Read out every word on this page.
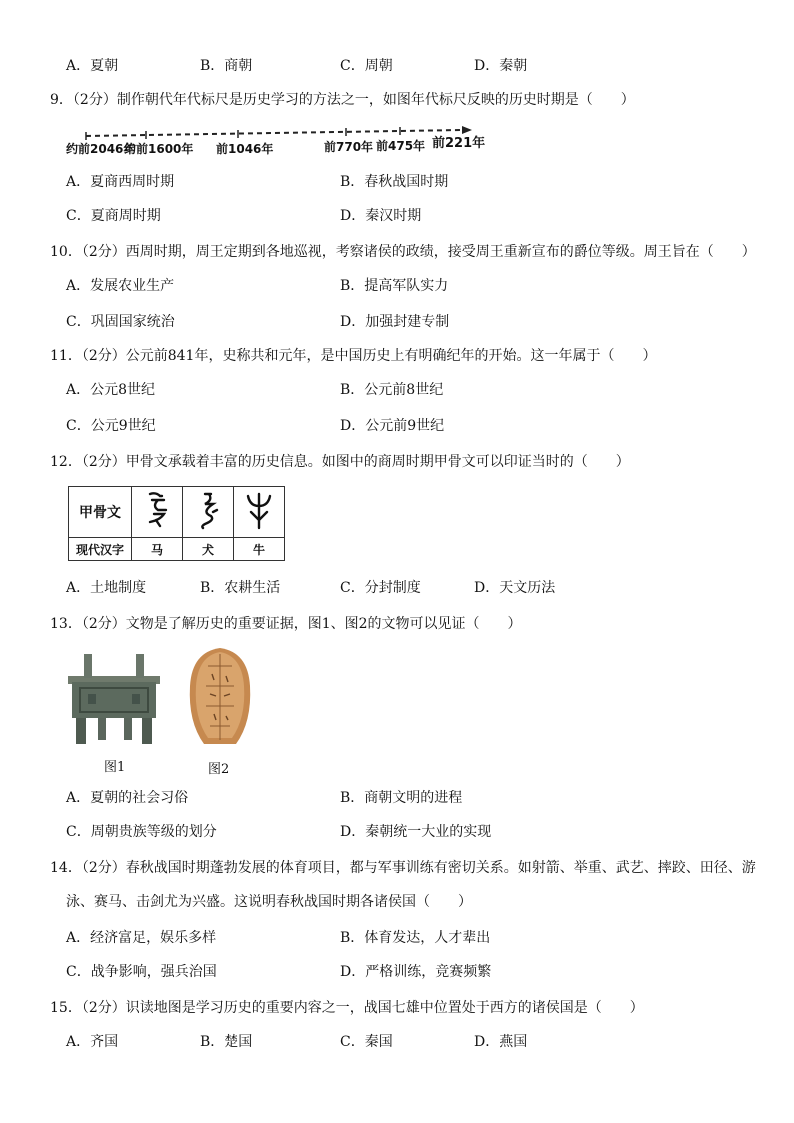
A．夏朝	B．商朝	C．周朝	D．秦朝
9．（2分）制作朝代年代标尺是历史学习的方法之一，如图年代标尺反映的历史时期是（　　）
约前2046年
约前1600年 前1046年	前770年 前475年 前221年
A．夏商西周时期	B．春秋战国时期
C．夏商周时期	D．秦汉时期
10．（2分）西周时期，周王定期到各地巡视，考察诸侯的政绩，接受周王重新宣布的爵位等级。周王旨在（　　）
A．发展农业生产	B．提高军队实力
C．巩固国家统治	D．加强封建专制
11．（2分）公元前841年，史称共和元年，是中国历史上有明确纪年的开始。这一年属于（　　）
A．公元8世纪	B．公元前8世纪
C．公元9世纪	D．公元前9世纪
12．（2分）甲骨文承载着丰富的历史信息。如图中的商周时期甲骨文可以印证当时的（　　）
甲骨文			
现代汉字	马	犬	牛
A．土地制度	B．农耕生活	C．分封制度	D．天文历法
13．（2分）文物是了解历史的重要证据，图1、图2的文物可以见证（　　）
图1	图2
A．夏朝的社会习俗	B．商朝文明的进程
C．周朝贵族等级的划分	D．秦朝统一大业的实现
14．（2分）春秋战国时期蓬勃发展的体育项目，都与军事训练有密切关系。如射箭、举重、武艺、摔跤、田径、游
泳、赛马、击剑尤为兴盛。这说明春秋战国时期各诸侯国（　　）
A．经济富足，娱乐多样	B．体育发达，人才辈出
C．战争影响，强兵治国	D．严格训练，竞赛频繁
15．（2分）识读地图是学习历史的重要内容之一，战国七雄中位置处于西方的诸侯国是（　　）
A．齐国	B．楚国	C．秦国	D．燕国
